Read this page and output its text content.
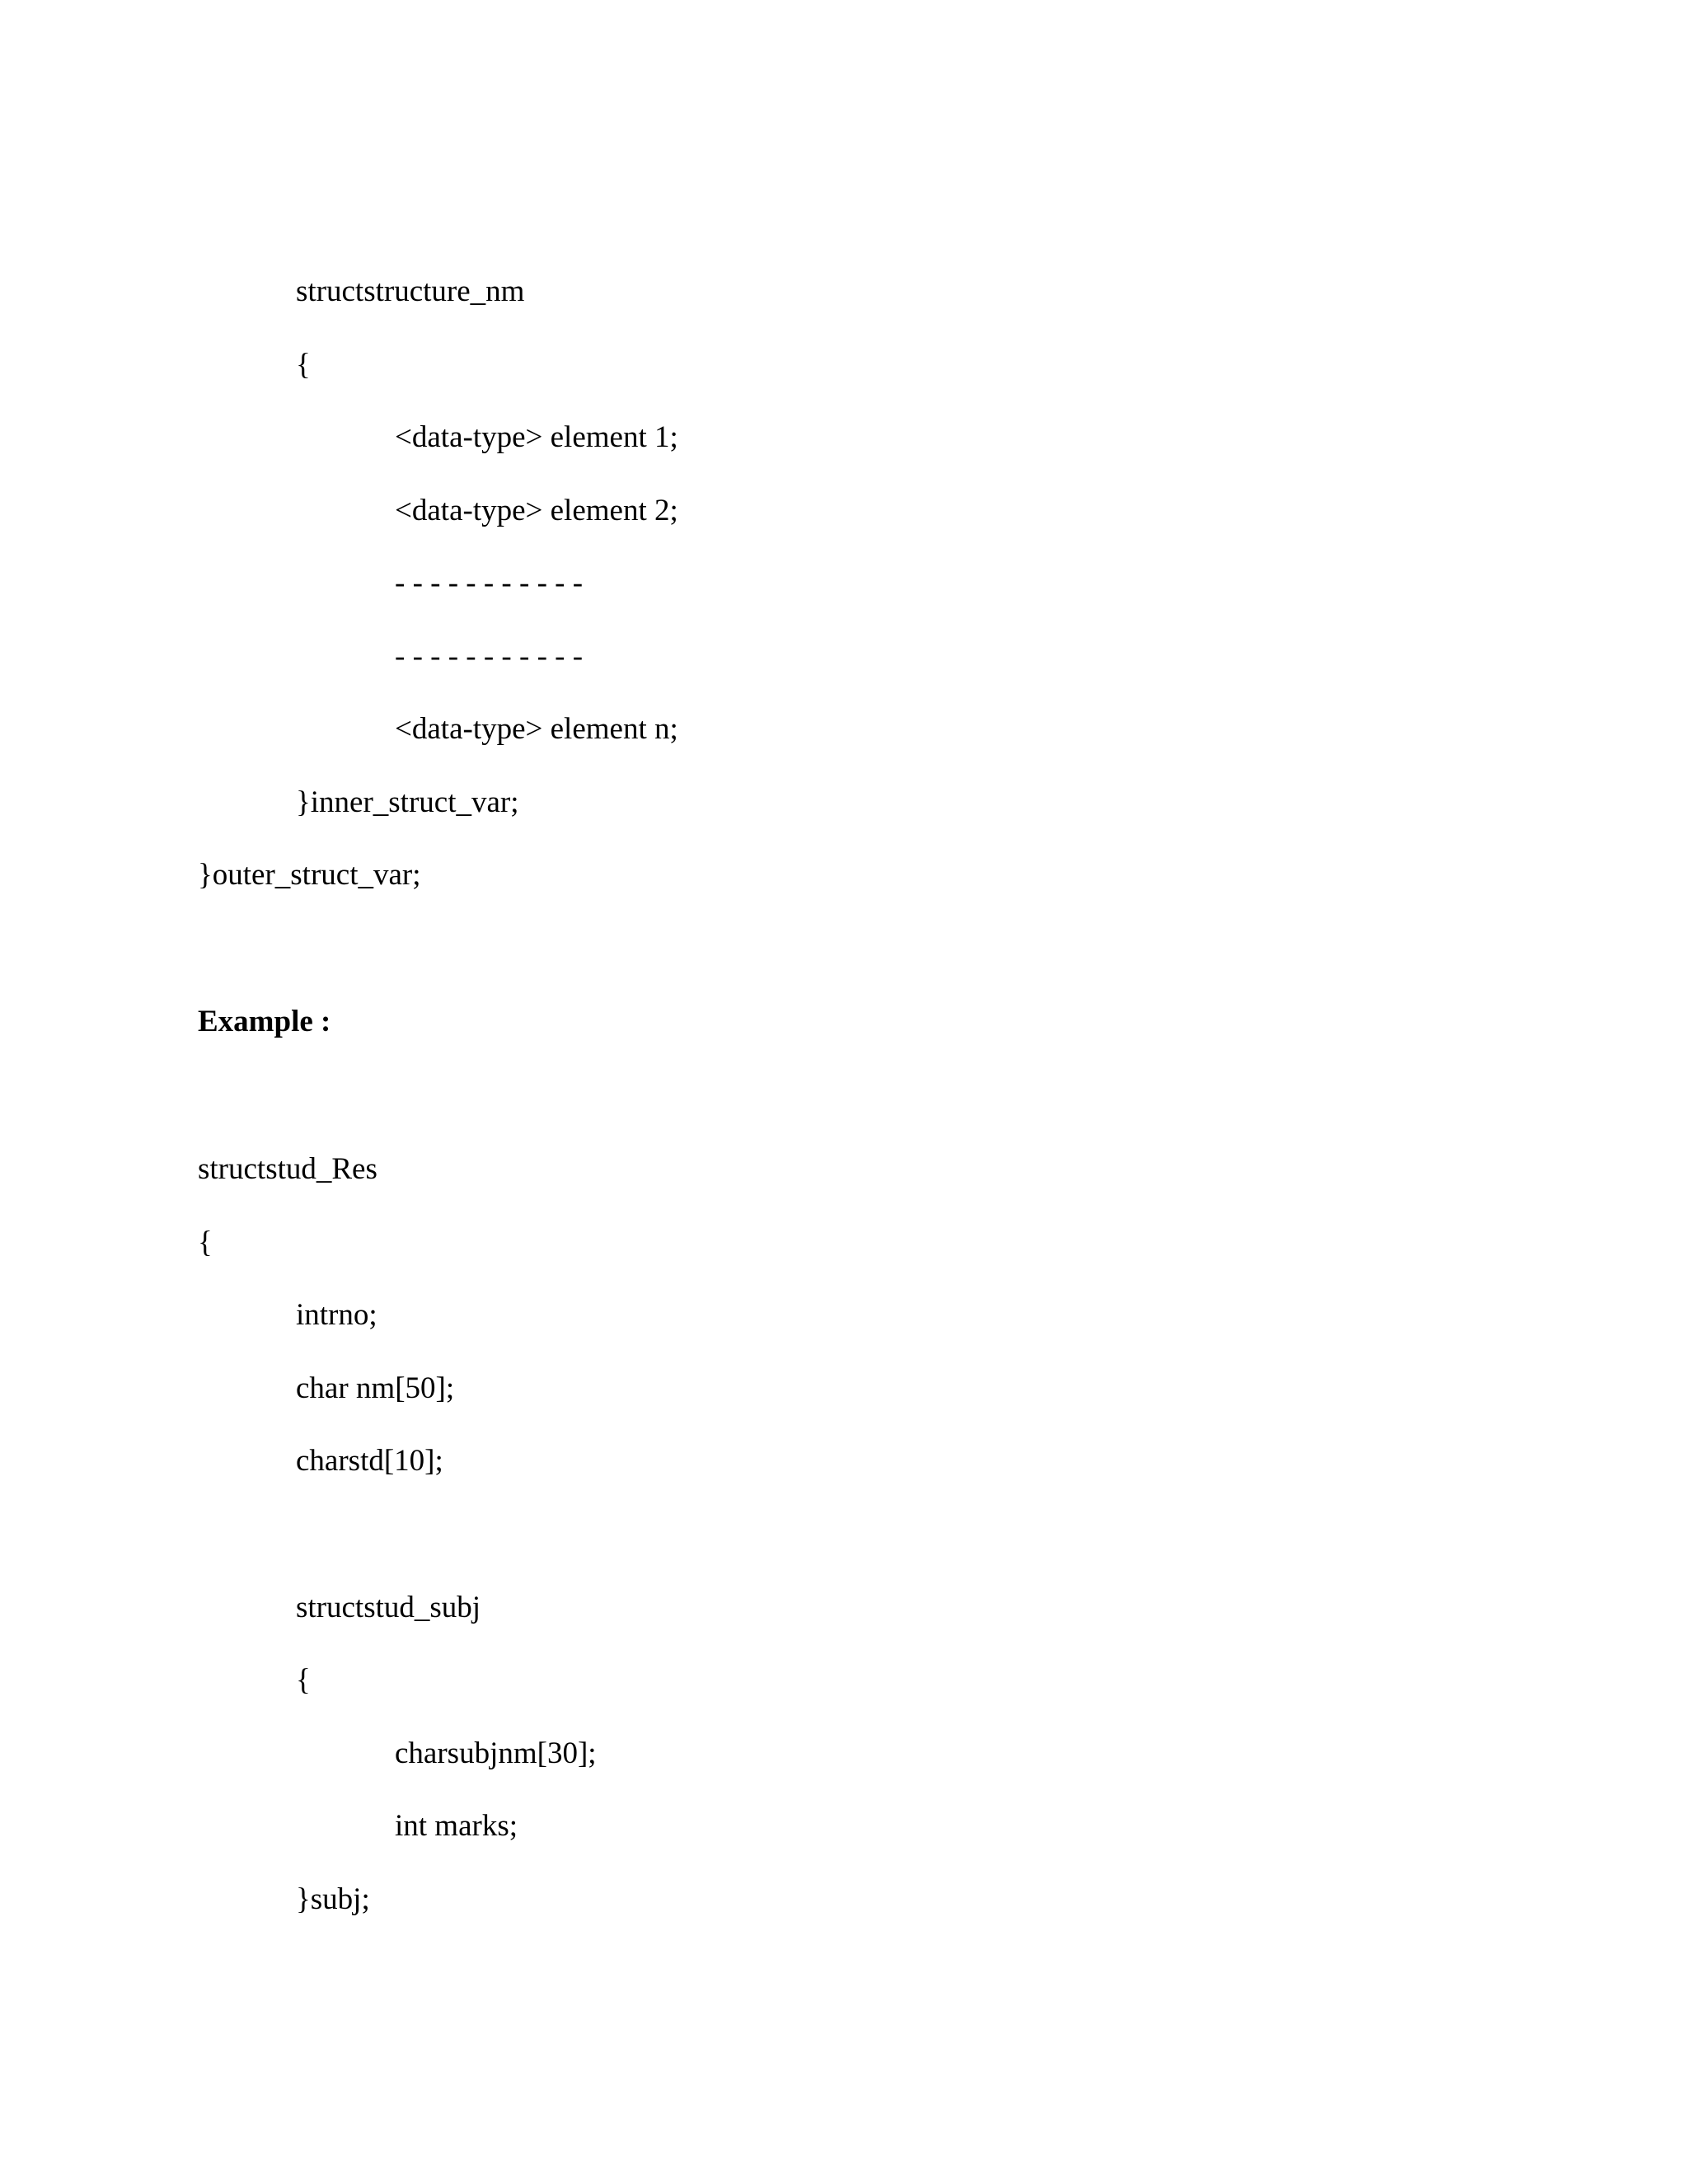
structstructure_nm
{
<data-type> element 1;
<data-type> element 2;
- - - - - - - - - - -
- - - - - - - - - - -
<data-type> element n;
}inner_struct_var;
}outer_struct_var;
Example :
structstud_Res
{
intrno;
char nm[50];
charstd[10];
structstud_subj
{
charsubjnm[30];
int marks;
}subj;
